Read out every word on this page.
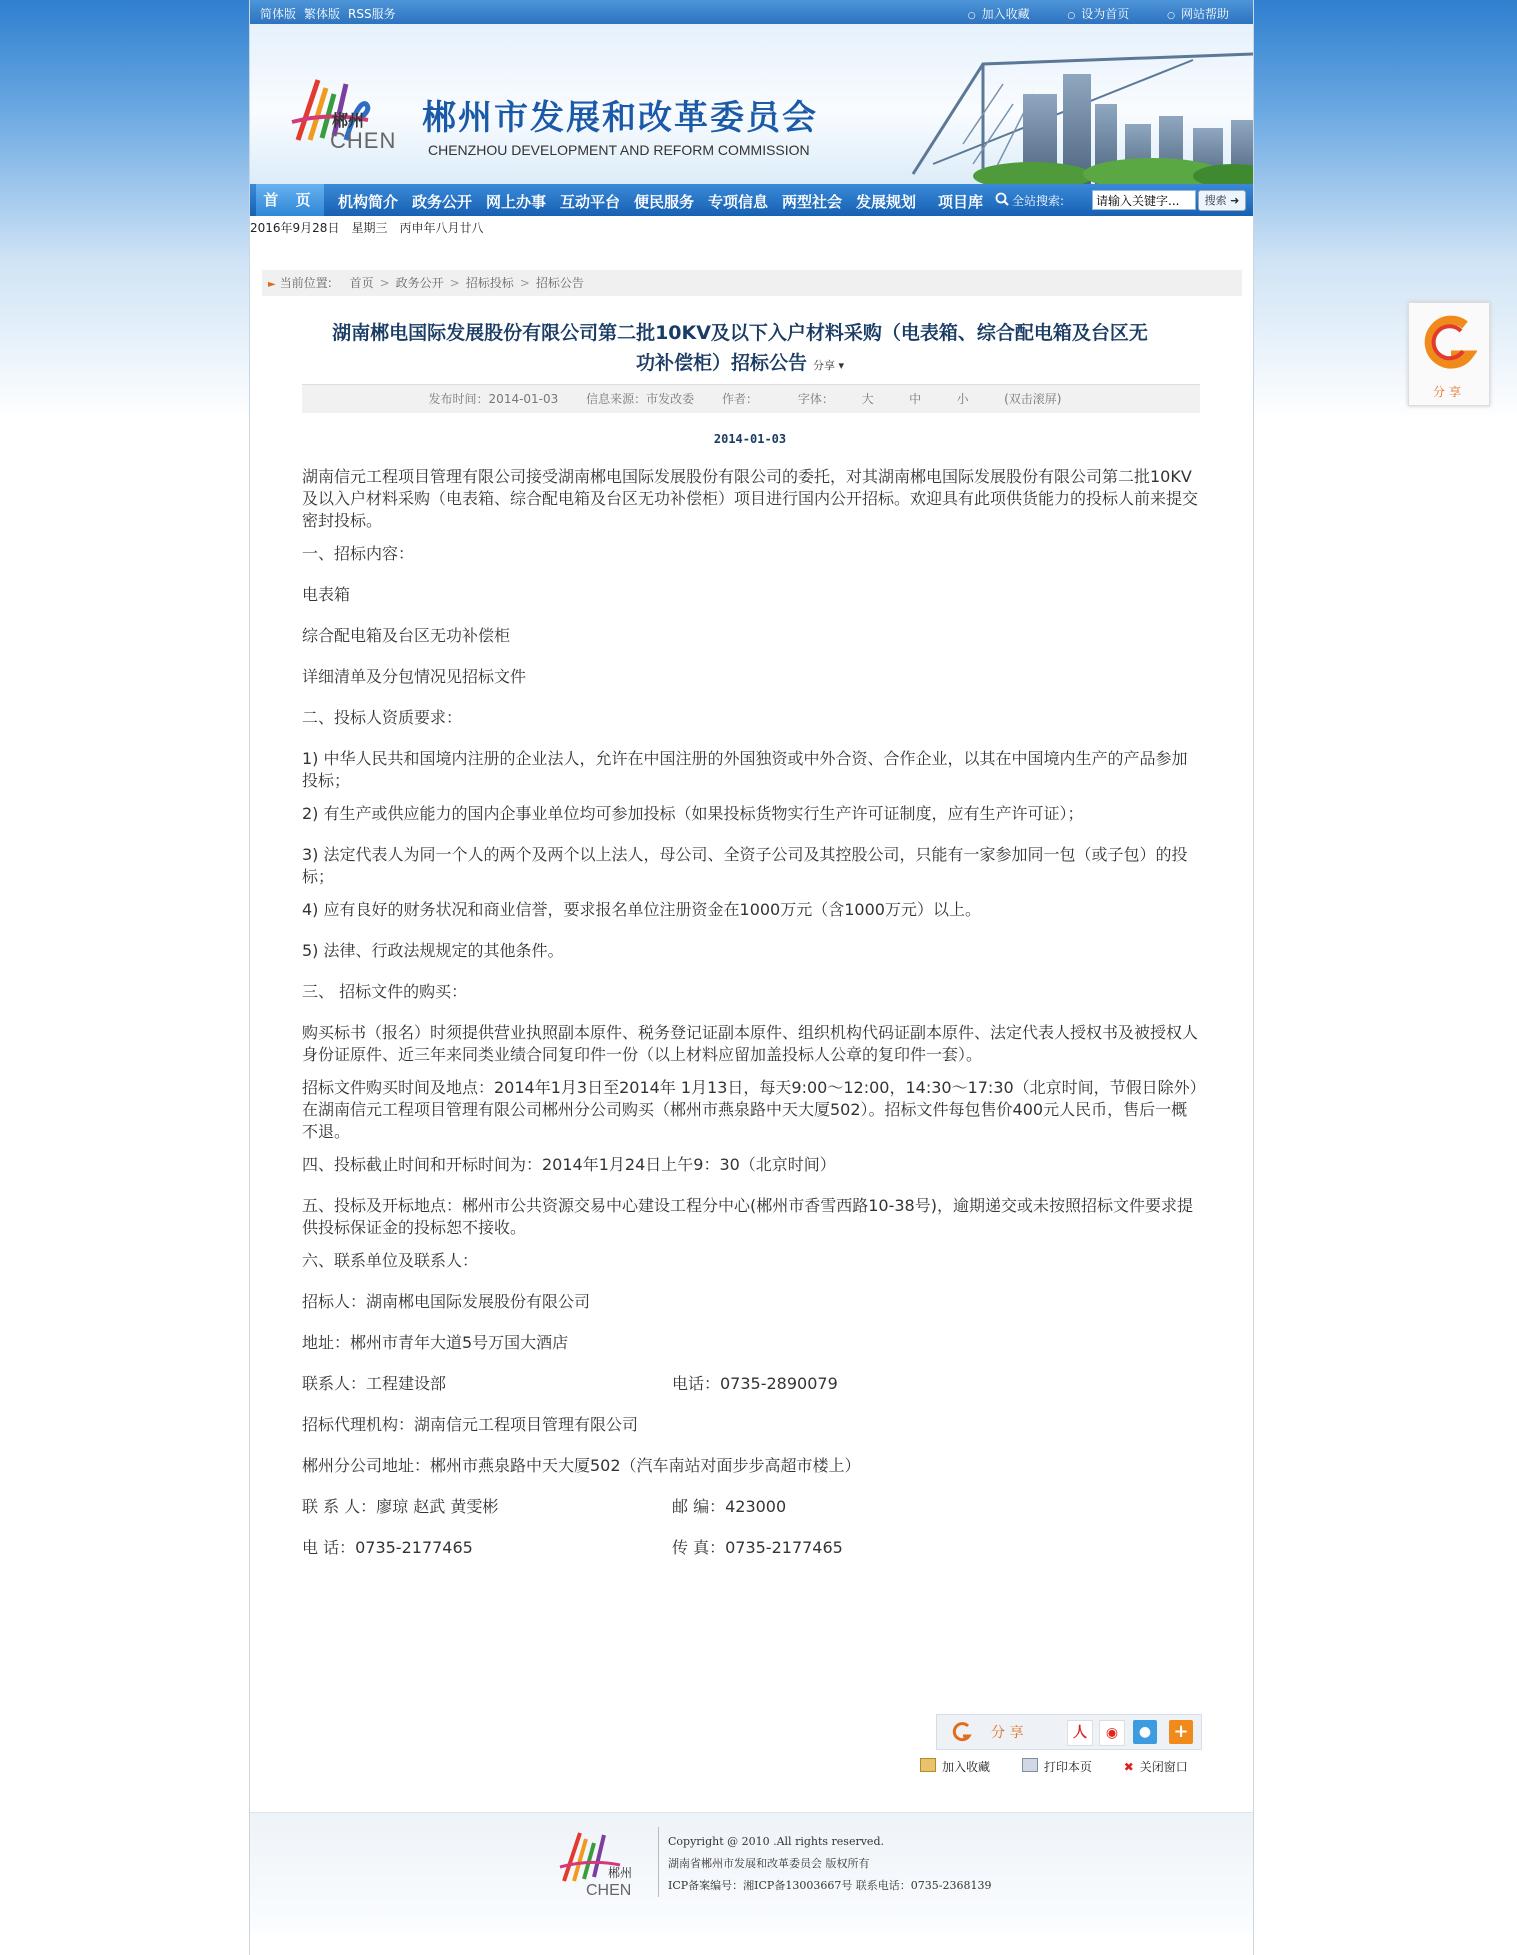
简体版 繁体版 RSS服务	○ 加入收藏	○ 设为首页	○ 网站帮助
郴州
CHEN
郴州市发展和改革委员会
CHENZHOU DEVELOPMENT AND REFORM COMMISSION
首 页	机构简介 政务公开 网上办事 互动平台 便民服务 专项信息 两型社会 发展规划 项目库 全站搜索:
请输入关键字...	搜索 ➜
2016年9月28日 星期三 丙申年八月廿八
► 当前位置: 首页 > 政务公开 > 招标投标 > 招标公告
湖南郴电国际发展股份有限公司第二批10KV及以下入户材料采购（电表箱、综合配电箱及台区无
功补偿柜）招标公告 分享 ▾
发布时间：2014-01-03 信息来源：市发改委 作者：	字体： 大	中	小	(双击滚屏)
2014-01-03

湖南信元工程项目管理有限公司接受湖南郴电国际发展股份有限公司的委托，对其湖南郴电国际发展股份有限公司第二批10KV及以入户材料采购（电表箱、综合配电箱及台区无功补偿柜）项目进行国内公开招标。欢迎具有此项供货能力的投标人前来提交密封投标。

一、招标内容：

电表箱

综合配电箱及台区无功补偿柜

详细清单及分包情况见招标文件

二、投标人资质要求：

1) 中华人民共和国境内注册的企业法人，允许在中国注册的外国独资或中外合资、合作企业，以其在中国境内生产的产品参加投标；

2) 有生产或供应能力的国内企事业单位均可参加投标（如果投标货物实行生产许可证制度，应有生产许可证）；

3) 法定代表人为同一个人的两个及两个以上法人，母公司、全资子公司及其控股公司，只能有一家参加同一包（或子包）的投标；

4) 应有良好的财务状况和商业信誉，要求报名单位注册资金在1000万元（含1000万元）以上。

5) 法律、行政法规规定的其他条件。

三、 招标文件的购买：

购买标书（报名）时须提供营业执照副本原件、税务登记证副本原件、组织机构代码证副本原件、法定代表人授权书及被授权人身份证原件、近三年来同类业绩合同复印件一份（以上材料应留加盖投标人公章的复印件一套）。

招标文件购买时间及地点：2014年1月3日至2014年 1月13日，每天9:00～12:00，14:30～17:30（北京时间，节假日除外）在湖南信元工程项目管理有限公司郴州分公司购买（郴州市燕泉路中天大厦502）。招标文件每包售价400元人民币，售后一概不退。

四、投标截止时间和开标时间为：2014年1月24日上午9：30（北京时间）

五、投标及开标地点：郴州市公共资源交易中心建设工程分中心(郴州市香雪西路10-38号)，逾期递交或未按照招标文件要求提供投标保证金的投标恕不接收。

六、联系单位及联系人：

招标人：湖南郴电国际发展股份有限公司

地址：郴州市青年大道5号万国大酒店

联系人：工程建设部	电话：0735-2890079

招标代理机构：湖南信元工程项目管理有限公司

郴州分公司地址：郴州市燕泉路中天大厦502（汽车南站对面步步高超市楼上）

联 系 人：廖琼 赵武 黄雯彬	邮 编：423000

电 话：0735-2177465	传 真：0735-2177465

分 享	人	◉	●	+
加入收藏	打印本页	✖ 关闭窗口
郴州
CHEN
Copyright @ 2010 .All rights reserved.
湖南省郴州市发展和改革委员会 版权所有
ICP备案编号：湘ICP备13003667号 联系电话：0735-2368139
分享
